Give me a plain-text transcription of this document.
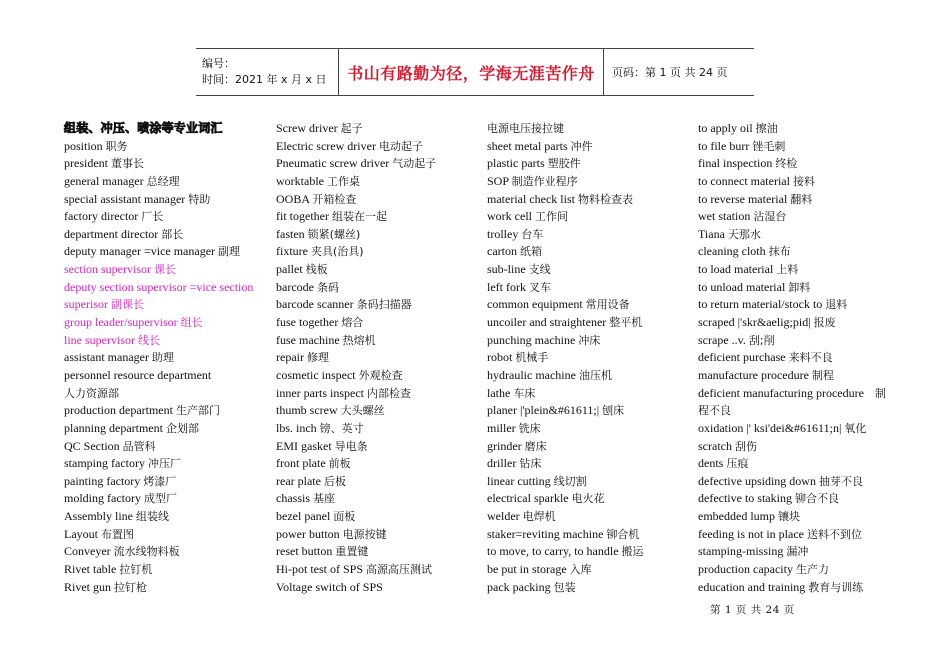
编号：
时间：2021 年 x 月 x 日	书山有路勤为径，学海无涯苦作舟 页码：第 1 页 共 24 页
组装、冲压、喷涂等专业词汇
position 职务
president 董事长
general manager 总经理
special assistant manager 特助
factory director 厂长
department director 部长
deputy manager =vice manager 副理
section supervisor 课长
deputy section supervisor =vice section
superisor 副课长
group leader/supervisor 组长
line supervisor 线长
assistant manager 助理
personnel resource department
人力资源部
production department 生产部门
planning department 企划部
QC Section 品管科
stamping factory 冲压厂
painting factory 烤漆厂
molding factory 成型厂
Assembly line 组装线
Layout 布置图
Conveyer 流水线物料板
Rivet table 拉钉机
Rivet gun 拉钉枪
Screw driver 起子
Electric screw driver 电动起子
Pneumatic screw driver 气动起子
worktable 工作桌
OOBA 开箱检查
fit together 组装在一起
fasten 锁紧(螺丝)
fixture 夹具(治具)
pallet 栈板
barcode 条码
barcode scanner 条码扫描器
fuse together 熔合
fuse machine 热熔机
repair 修理
cosmetic inspect 外观检查
inner parts inspect 内部检查
thumb screw 大头螺丝
lbs. inch 镑、英寸
EMI gasket 导电条
front plate 前板
rear plate 后板
chassis 基座
bezel panel 面板
power button 电源按键
reset button 重置键
Hi-pot test of SPS 高源高压测试
Voltage switch of SPS
电源电压接拉键
sheet metal parts 冲件
plastic parts 塑胶件
SOP 制造作业程序
material check list 物料检查表
work cell 工作间
trolley 台车
carton 纸箱
sub-line 支线
left fork 叉车
common equipment 常用设备
uncoiler and straightener 整平机
punching machine 冲床
robot 机械手
hydraulic machine 油压机
lathe 车床
planer |'plein&#61611;| 刨床
miller 铣床
grinder 磨床
driller 钻床
linear cutting 线切割
electrical sparkle 电火花
welder 电焊机
staker=reviting machine 铆合机
to move, to carry, to handle 搬运
be put in storage 入库
pack packing 包装
to apply oil 擦油
to file burr 锉毛刺
final inspection 终检
to connect material 接料
to reverse material 翻料
wet station 沾湿台
Tiana 天那水
cleaning cloth 抹布
to load material 上料
to unload material 卸料
to return material/stock to 退料
scraped |'skr&aelig;pid| 报废
scrape ..v. 刮;削
deficient purchase 来料不良
manufacture procedure 制程
deficient manufacturing procedure 制
程不良
oxidation |' ksi'dei&#61611;n| 氧化
scratch 刮伤
dents 压痕
defective upsiding down 抽芽不良
defective to staking 铆合不良
embedded lump 镶块
feeding is not in place 送料不到位
stamping-missing 漏冲
production capacity 生产力
education and training 教育与训练
第 1 页 共 24 页
